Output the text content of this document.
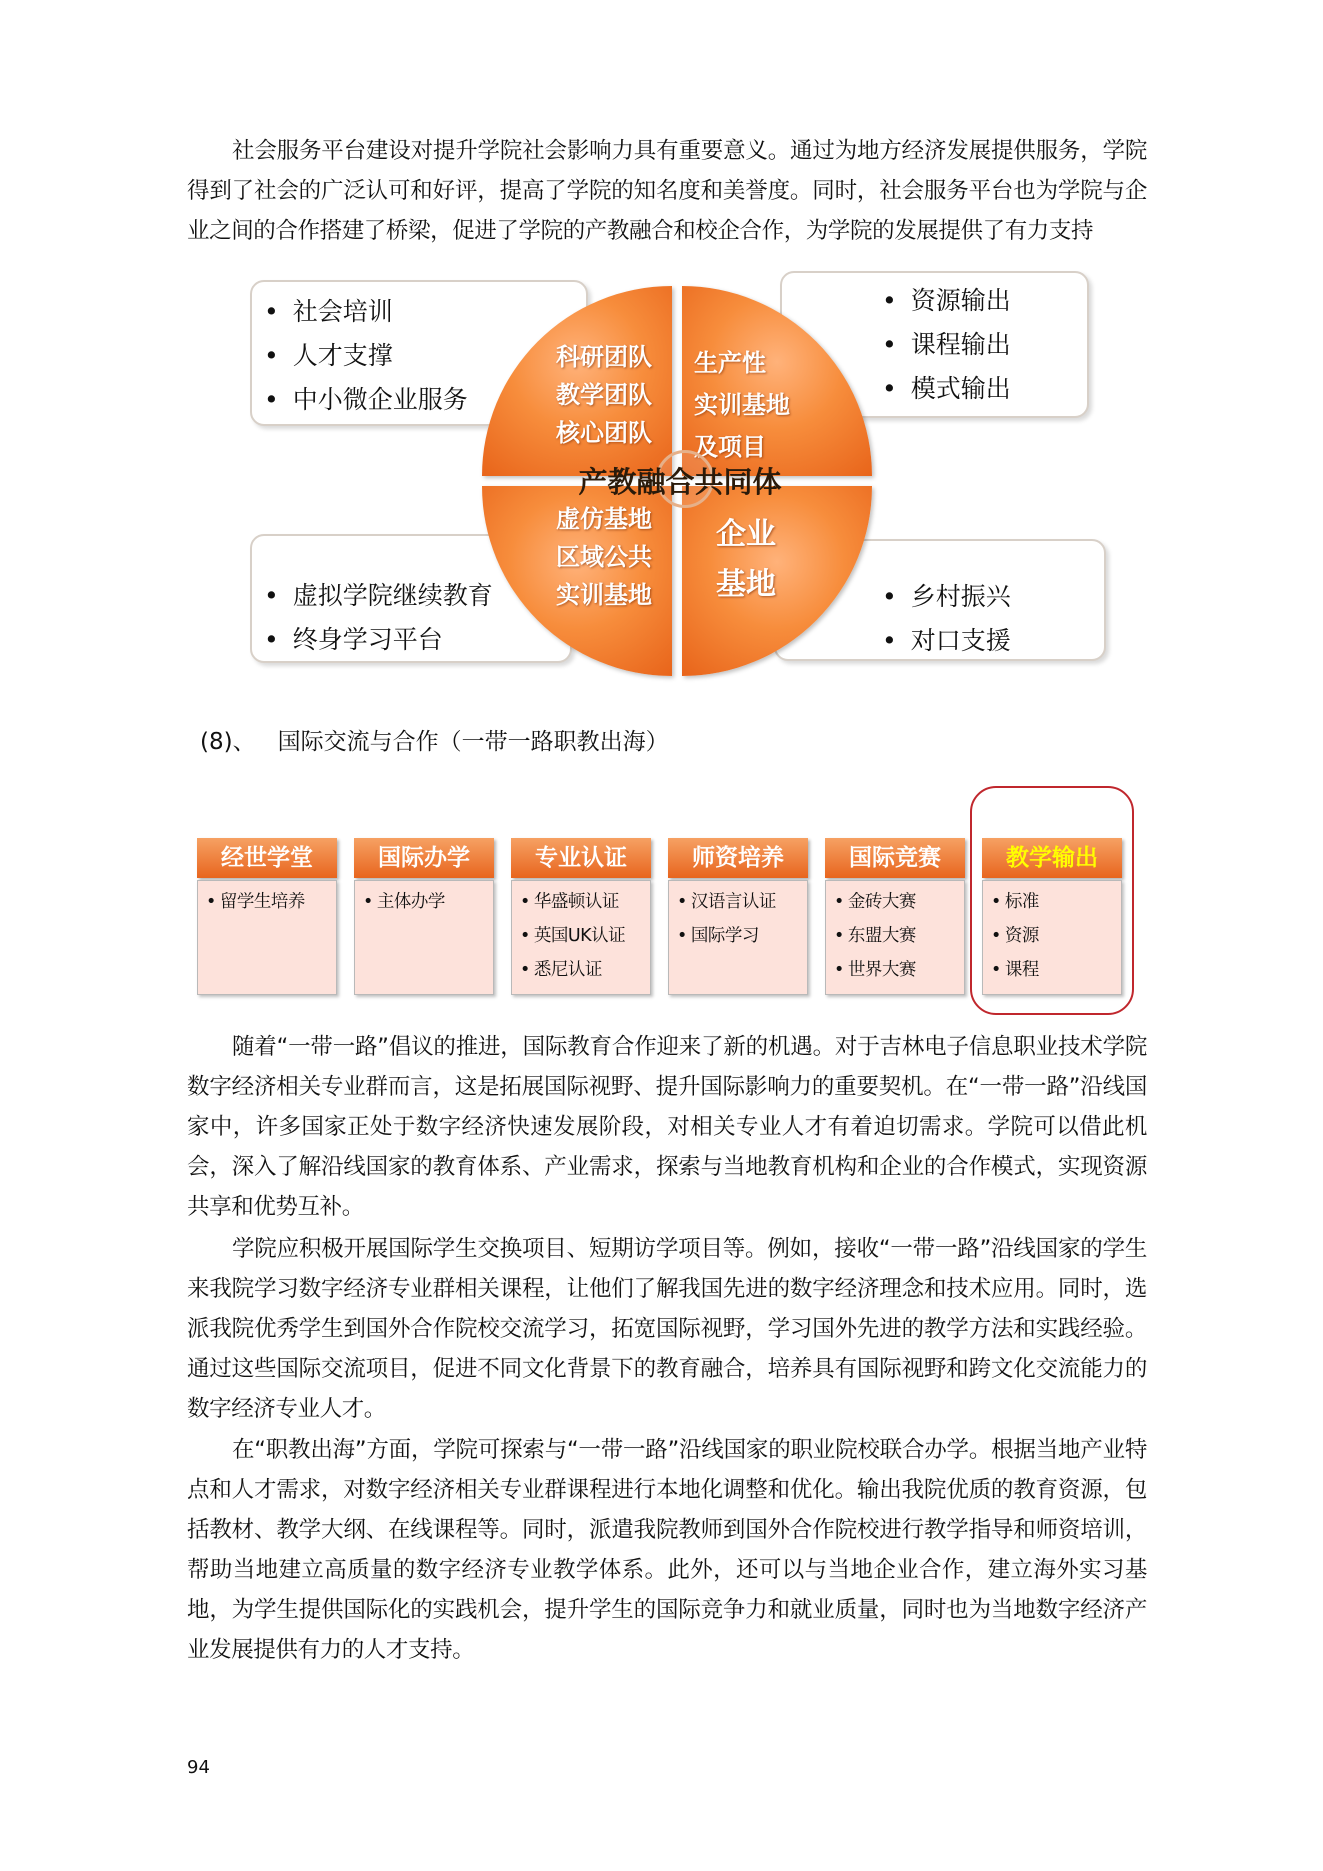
社会服务平台建设对提升学院社会影响力具有重要意义。通过为地方经济发展提供服务，学院得到了社会的广泛认可和好评，提高了学院的知名度和美誉度。同时，社会服务平台也为学院与企业之间的合作搭建了桥梁，促进了学院的产教融合和校企合作，为学院的发展提供了有力支持

• 社会培训
• 人才支撑
• 中小微企业服务
• 资源输出
• 课程输出
• 模式输出
• 虚拟学院继续教育
• 终身学习平台
• 乡村振兴
• 对口支援
科研团队
教学团队
核心团队
生产性
实训基地
及项目
虚仿基地
区域公共
实训基地
企业
基地
产教融合共同体
(8)、 国际交流与合作（一带一路职教出海）
经世学堂
• 留学生培养
国际办学
• 主体办学
专业认证
• 华盛顿认证
• 英国UK认证
• 悉尼认证
师资培养
• 汉语言认证
• 国际学习
国际竞赛
• 金砖大赛
• 东盟大赛
• 世界大赛
教学输出
• 标准
• 资源
• 课程

随着“一带一路”倡议的推进，国际教育合作迎来了新的机遇。对于吉林电子信息职业技术学院数字经济相关专业群而言，这是拓展国际视野、提升国际影响力的重要契机。在“一带一路”沿线国家中，许多国家正处于数字经济快速发展阶段，对相关专业人才有着迫切需求。学院可以借此机会，深入了解沿线国家的教育体系、产业需求，探索与当地教育机构和企业的合作模式，实现资源共享和优势互补。

学院应积极开展国际学生交换项目、短期访学项目等。例如，接收“一带一路”沿线国家的学生来我院学习数字经济专业群相关课程，让他们了解我国先进的数字经济理念和技术应用。同时，选派我院优秀学生到国外合作院校交流学习，拓宽国际视野，学习国外先进的教学方法和实践经验。通过这些国际交流项目，促进不同文化背景下的教育融合，培养具有国际视野和跨文化交流能力的数字经济专业人才。

在“职教出海”方面，学院可探索与“一带一路”沿线国家的职业院校联合办学。根据当地产业特点和人才需求，对数字经济相关专业群课程进行本地化调整和优化。输出我院优质的教育资源，包括教材、教学大纲、在线课程等。同时，派遣我院教师到国外合作院校进行教学指导和师资培训，帮助当地建立高质量的数字经济专业教学体系。此外，还可以与当地企业合作，建立海外实习基地，为学生提供国际化的实践机会，提升学生的国际竞争力和就业质量，同时也为当地数字经济产业发展提供有力的人才支持。

94
